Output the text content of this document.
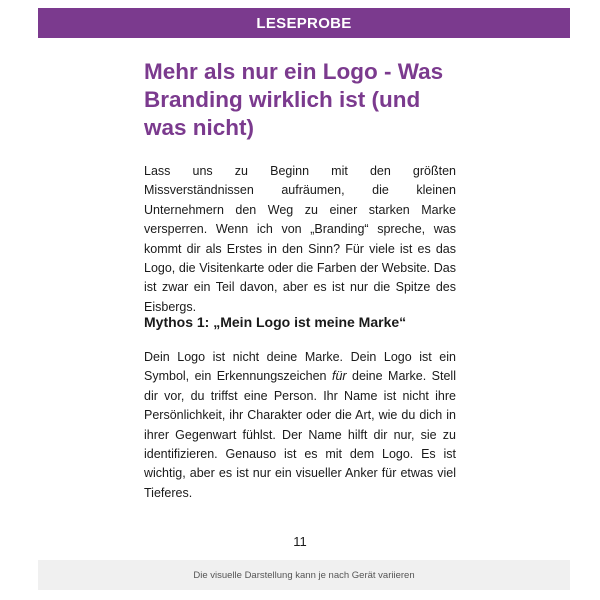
LESEPROBE
Mehr als nur ein Logo - Was Branding wirklich ist (und was nicht)

Lass uns zu Beginn mit den größten Missverständnissen aufräumen, die kleinen Unternehmern den Weg zu einer starken Marke versperren. Wenn ich von „Branding“ spreche, was kommt dir als Erstes in den Sinn? Für viele ist es das Logo, die Visitenkarte oder die Farben der Website. Das ist zwar ein Teil davon, aber es ist nur die Spitze des Eisbergs.

Mythos 1: „Mein Logo ist meine Marke“

Dein Logo ist nicht deine Marke. Dein Logo ist ein Symbol, ein Erkennungszeichen für deine Marke. Stell dir vor, du triffst eine Person. Ihr Name ist nicht ihre Persönlichkeit, ihr Charakter oder die Art, wie du dich in ihrer Gegenwart fühlst. Der Name hilft dir nur, sie zu identifizieren. Genauso ist es mit dem Logo. Es ist wichtig, aber es ist nur ein visueller Anker für etwas viel Tieferes.

11
Die visuelle Darstellung kann je nach Gerät variieren
